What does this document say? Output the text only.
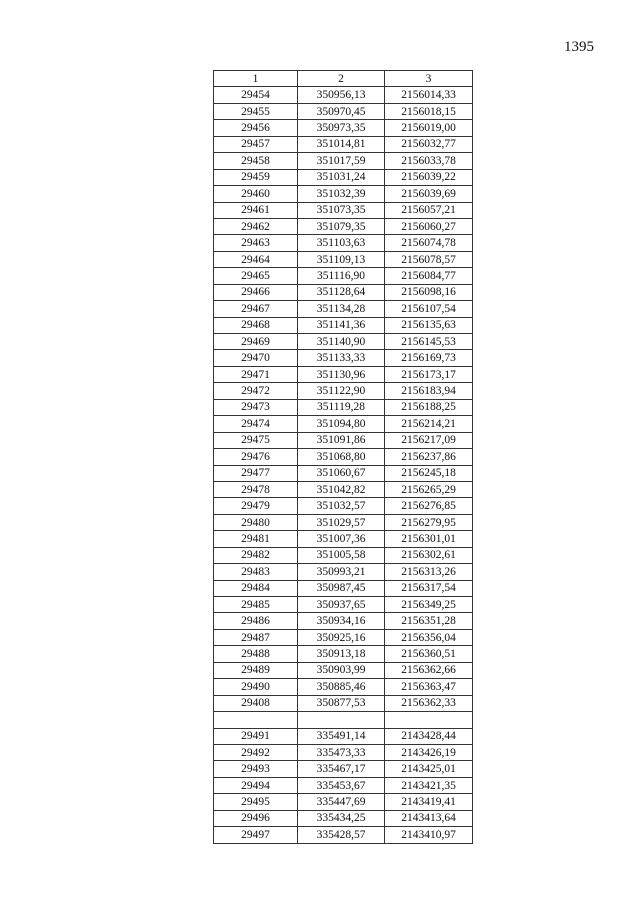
1395
1	2	3
29454	350956,13	2156014,33
29455	350970,45	2156018,15
29456	350973,35	2156019,00
29457	351014,81	2156032,77
29458	351017,59	2156033,78
29459	351031,24	2156039,22
29460	351032,39	2156039,69
29461	351073,35	2156057,21
29462	351079,35	2156060,27
29463	351103,63	2156074,78
29464	351109,13	2156078,57
29465	351116,90	2156084,77
29466	351128,64	2156098,16
29467	351134,28	2156107,54
29468	351141,36	2156135,63
29469	351140,90	2156145,53
29470	351133,33	2156169,73
29471	351130,96	2156173,17
29472	351122,90	2156183,94
29473	351119,28	2156188,25
29474	351094,80	2156214,21
29475	351091,86	2156217,09
29476	351068,80	2156237,86
29477	351060,67	2156245,18
29478	351042,82	2156265,29
29479	351032,57	2156276,85
29480	351029,57	2156279,95
29481	351007,36	2156301,01
29482	351005,58	2156302,61
29483	350993,21	2156313,26
29484	350987,45	2156317,54
29485	350937,65	2156349,25
29486	350934,16	2156351,28
29487	350925,16	2156356,04
29488	350913,18	2156360,51
29489	350903,99	2156362,66
29490	350885,46	2156363,47
29408	350877,53	2156362,33

29491	335491,14	2143428,44
29492	335473,33	2143426,19
29493	335467,17	2143425,01
29494	335453,67	2143421,35
29495	335447,69	2143419,41
29496	335434,25	2143413,64
29497	335428,57	2143410,97
